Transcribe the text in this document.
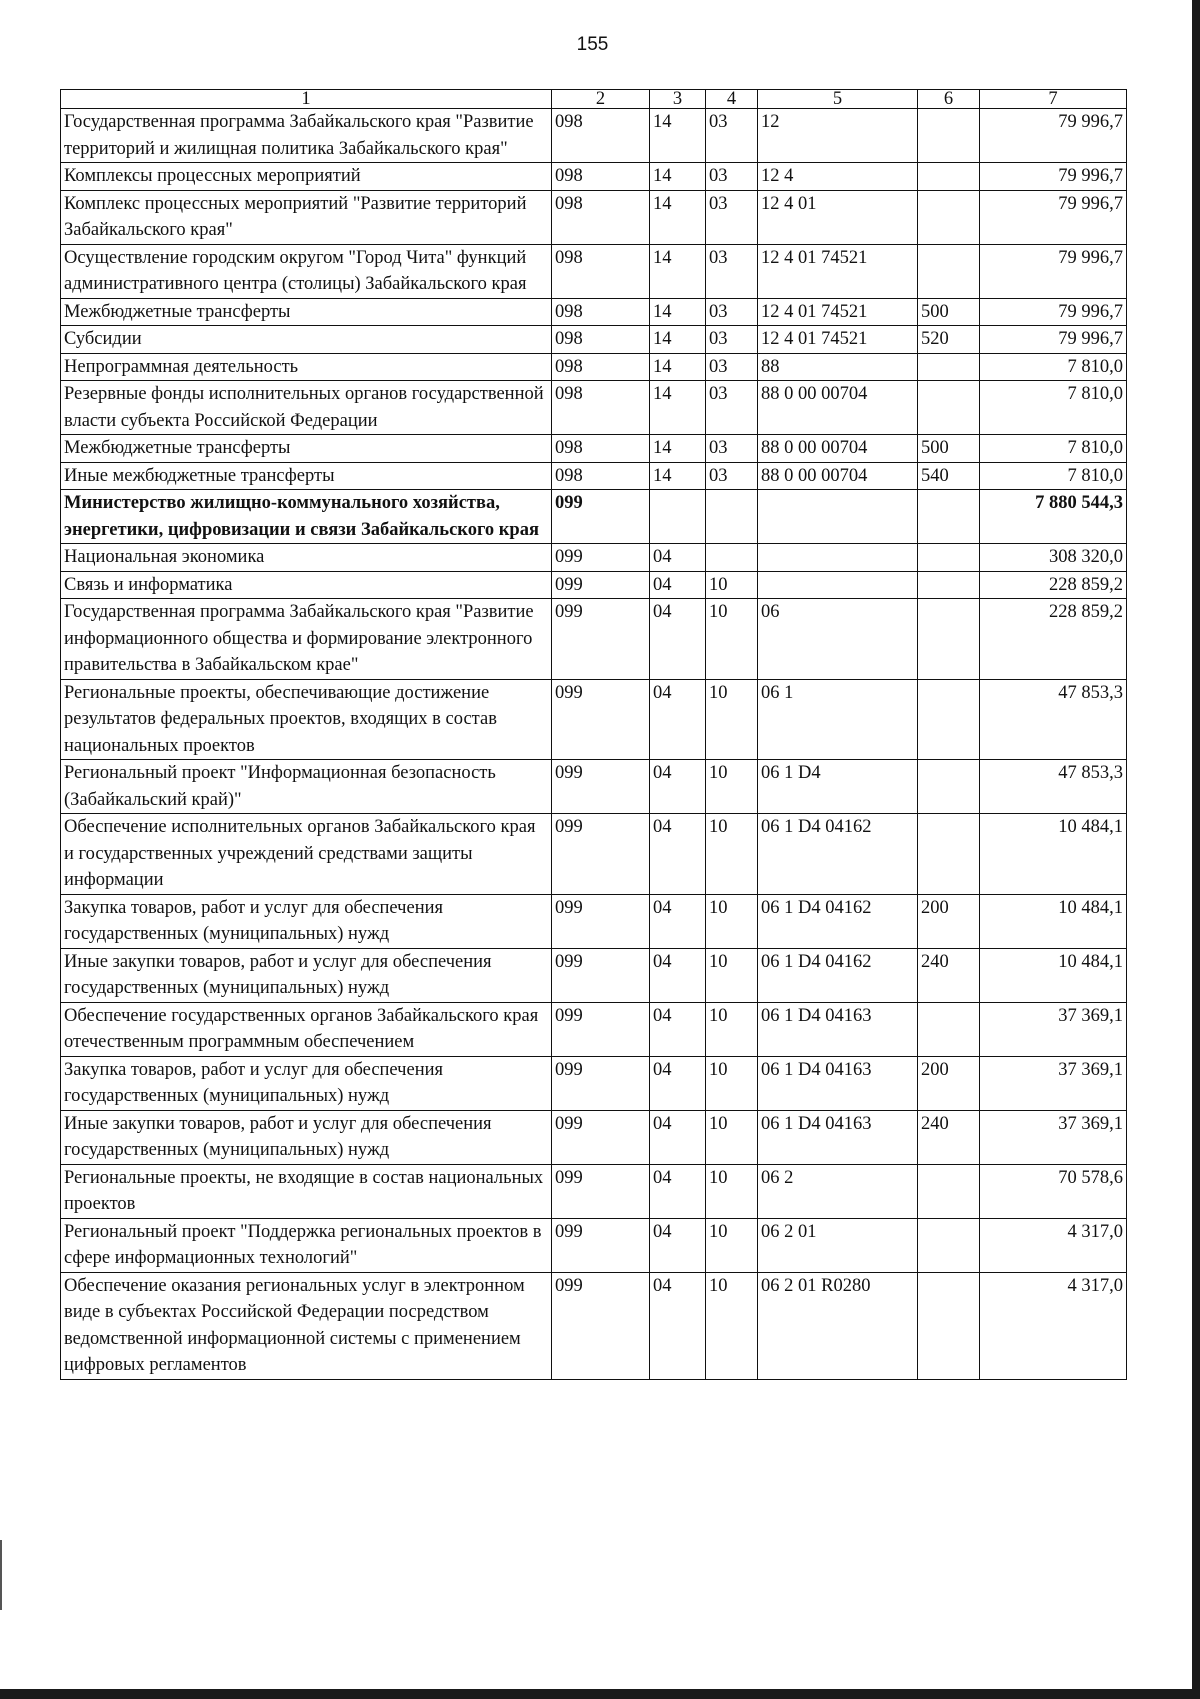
155
1	2	3	4	5	6	7
Государственная программа Забайкальского края "Развитие территорий и жилищная политика Забайкальского края"	098	14	03	12		79 996,7
Комплексы процессных мероприятий	098	14	03	12 4		79 996,7
Комплекс процессных мероприятий "Развитие территорий Забайкальского края"	098	14	03	12 4 01		79 996,7
Осуществление городским округом "Город Чита" функций административного центра (столицы) Забайкальского края	098	14	03	12 4 01 74521		79 996,7
Межбюджетные трансферты	098	14	03	12 4 01 74521	500	79 996,7
Субсидии	098	14	03	12 4 01 74521	520	79 996,7
Непрограммная деятельность	098	14	03	88		7 810,0
Резервные фонды исполнительных органов государственной власти субъекта Российской Федерации	098	14	03	88 0 00 00704		7 810,0
Межбюджетные трансферты	098	14	03	88 0 00 00704	500	7 810,0
Иные межбюджетные трансферты	098	14	03	88 0 00 00704	540	7 810,0
Министерство жилищно-коммунального хозяйства, энергетики, цифровизации и связи Забайкальского края	099					7 880 544,3
Национальная экономика	099	04				308 320,0
Связь и информатика	099	04	10			228 859,2
Государственная программа Забайкальского края "Развитие информационного общества и формирование электронного правительства в Забайкальском крае"	099	04	10	06		228 859,2
Региональные проекты, обеспечивающие достижение результатов федеральных проектов, входящих в состав национальных проектов	099	04	10	06 1		47 853,3
Региональный проект "Информационная безопасность (Забайкальский край)"	099	04	10	06 1 D4		47 853,3
Обеспечение исполнительных органов Забайкальского края и государственных учреждений средствами защиты информации	099	04	10	06 1 D4 04162		10 484,1
Закупка товаров, работ и услуг для обеспечения государственных (муниципальных) нужд	099	04	10	06 1 D4 04162	200	10 484,1
Иные закупки товаров, работ и услуг для обеспечения государственных (муниципальных) нужд	099	04	10	06 1 D4 04162	240	10 484,1
Обеспечение государственных органов Забайкальского края отечественным программным обеспечением	099	04	10	06 1 D4 04163		37 369,1
Закупка товаров, работ и услуг для обеспечения государственных (муниципальных) нужд	099	04	10	06 1 D4 04163	200	37 369,1
Иные закупки товаров, работ и услуг для обеспечения государственных (муниципальных) нужд	099	04	10	06 1 D4 04163	240	37 369,1
Региональные проекты, не входящие в состав национальных проектов	099	04	10	06 2		70 578,6
Региональный проект "Поддержка региональных проектов в сфере информационных технологий"	099	04	10	06 2 01		4 317,0
Обеспечение оказания региональных услуг в электронном виде в субъектах Российской Федерации посредством ведомственной информационной системы с применением цифровых регламентов	099	04	10	06 2 01 R0280		4 317,0
